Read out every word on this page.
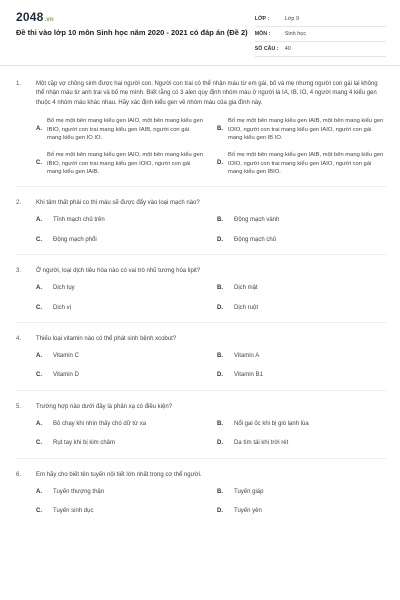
2048.vn
Đề thi vào lớp 10 môn Sinh học năm 2020 - 2021 có đáp án (Đề 2)
LỚP :	Lớp 9
MÔN :	Sinh học
SỐ CÂU :	40
1.	Một cặp vợ chồng sinh được hai người con. Người con trai có thể nhận máu từ em gái, bố và mẹ nhưng người con gái lại không thể nhận máu từ anh trai và bố mẹ mình. Biết rằng có 3 alen quy định nhóm máu ở người là IA, IB, IO, 4 người mang 4 kiểu gen thuộc 4 nhóm máu khác nhau. Hãy xác định kiểu gen về nhóm máu của gia đình này.
A.
Bố mẹ một bên mang kiểu gen IAIO, một bên mang kiểu gen IBIO, người con trai mang kiểu gen IAIB, người con gái mang kiểu gen IO IO.
B.
Bố mẹ một bên mang kiểu gen IAIB, một bên mang kiểu gen IOIO, người con trai mang kiểu gen IAIO, người con gái mang kiểu gen IB IO.
C.
Bố mẹ một bên mang kiểu gen IAIO, một bên mang kiểu gen IBIO, người con trai mang kiểu gen IOIO, người con gái mang kiểu gen IAIB.
D.
Bố mẹ một bên mang kiểu gen IAIB, một bên mang kiểu gen IOIO, người con trai mang kiểu gen IAIO, người con gái mang kiểu gen IBIO.
2.	Khi tâm thất phải co thì máu sẽ được đẩy vào loại mạch nào?
A.	Tĩnh mạch chủ trên	B.	Động mạch vành
C.	Động mạch phổi	D.	Động mạch chủ
3.	Ở người, loại dịch tiêu hóa nào có vai trò nhũ tương hóa lipit?
A.	Dịch tụy	B.	Dịch mật
C.	Dịch vị	D.	Dịch ruột
4.	Thiếu loại vitamin nào có thể phát sinh bệnh xcobut?
A.	Vitamin C	B.	Vitamin A
C.	Vitamin D	D.	Vitamin B1
5.	Trường hợp nào dưới đây là phản xạ có điều kiện?
A.	Bỏ chạy khi nhìn thấy chó dữ từ xa	B.	Nổi gai ốc khi bị gió lạnh lùa
C.	Rụt tay khi bị kim châm	D.	Da tím tái khi trời rét
6.	Em hãy cho biết tên tuyến nội tiết lớn nhất trong cơ thể người.
A.	Tuyến thượng thận	B.	Tuyến giáp
C.	Tuyến sinh dục	D.	Tuyến yên
